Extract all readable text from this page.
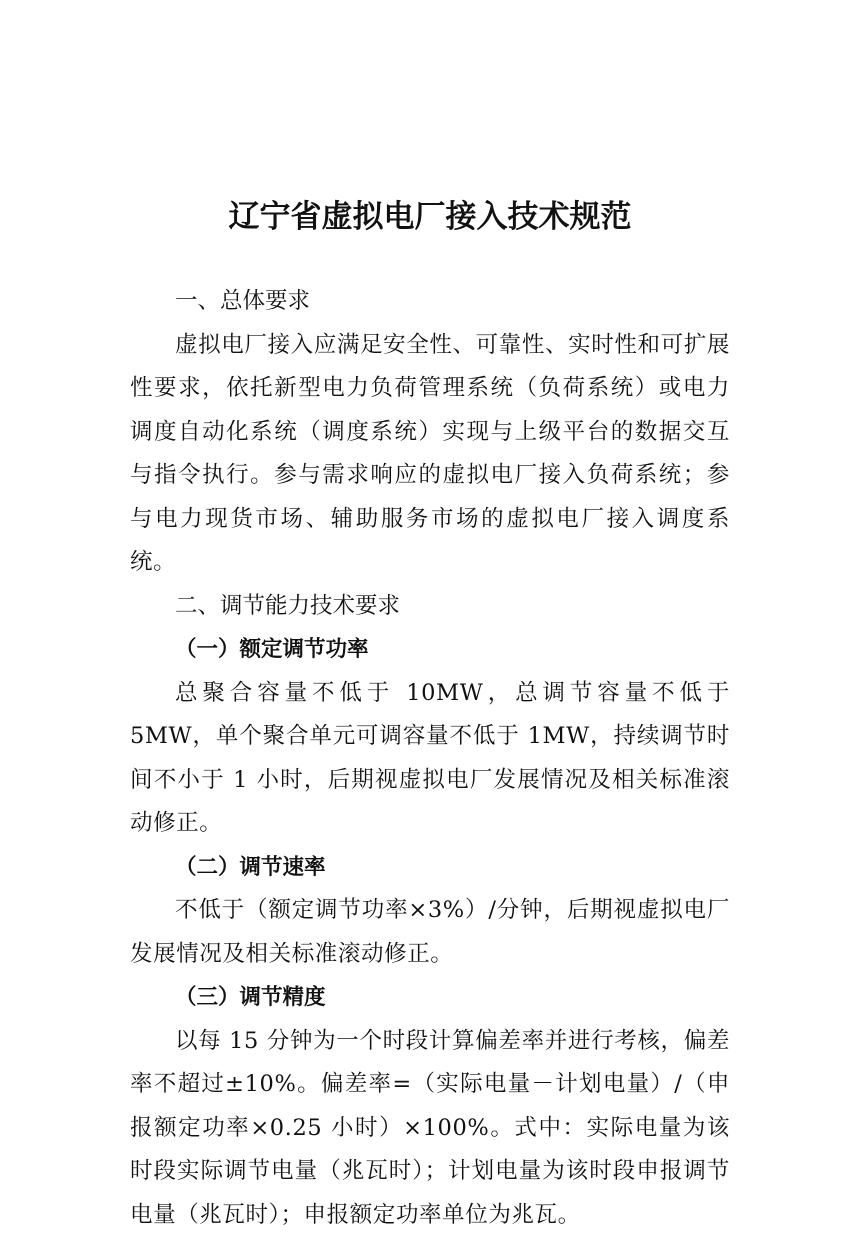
辽宁省虚拟电厂接入技术规范

一、总体要求

虚拟电厂接入应满足安全性、可靠性、实时性和可扩展性要求，依托新型电力负荷管理系统（负荷系统）或电力调度自动化系统（调度系统）实现与上级平台的数据交互与指令执行。参与需求响应的虚拟电厂接入负荷系统；参与电力现货市场、辅助服务市场的虚拟电厂接入调度系统。

二、调节能力技术要求

（一）额定调节功率

总聚合容量不低于 10MW，总调节容量不低于 5MW，单个聚合单元可调容量不低于 1MW，持续调节时间不小于 1 小时，后期视虚拟电厂发展情况及相关标准滚动修正。

（二）调节速率

不低于（额定调节功率×3%）/分钟，后期视虚拟电厂发展情况及相关标准滚动修正。

（三）调节精度

以每 15 分钟为一个时段计算偏差率并进行考核，偏差率不超过±10%。偏差率=（实际电量－计划电量）/（申报额定功率×0.25 小时）×100%。式中：实际电量为该时段实际调节电量（兆瓦时）；计划电量为该时段申报调节电量（兆瓦时）；申报额定功率单位为兆瓦。
